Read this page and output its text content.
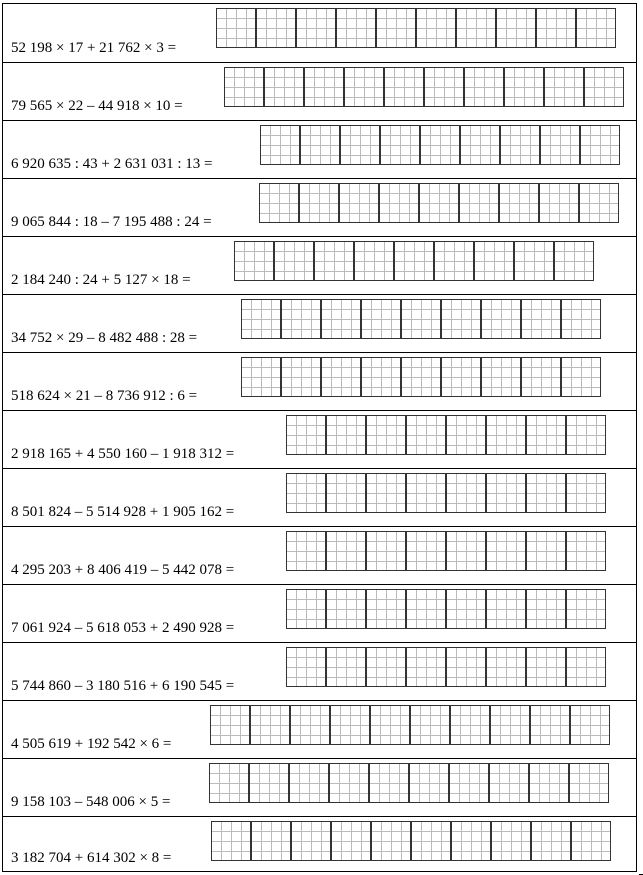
52 198 × 17 + 21 762 × 3 =
79 565 × 22 – 44 918 × 10 =
6 920 635 : 43 + 2 631 031 : 13 =
9 065 844 : 18 – 7 195 488 : 24 =
2 184 240 : 24 + 5 127 × 18 =
34 752 × 29 – 8 482 488 : 28 =
518 624 × 21 – 8 736 912 : 6 =
2 918 165 + 4 550 160 – 1 918 312 =
8 501 824 – 5 514 928 + 1 905 162 =
4 295 203 + 8 406 419 – 5 442 078 =
7 061 924 – 5 618 053 + 2 490 928 =
5 744 860 – 3 180 516 + 6 190 545 =
4 505 619 + 192 542 × 6 =
9 158 103 – 548 006 × 5 =
3 182 704 + 614 302 × 8 =
